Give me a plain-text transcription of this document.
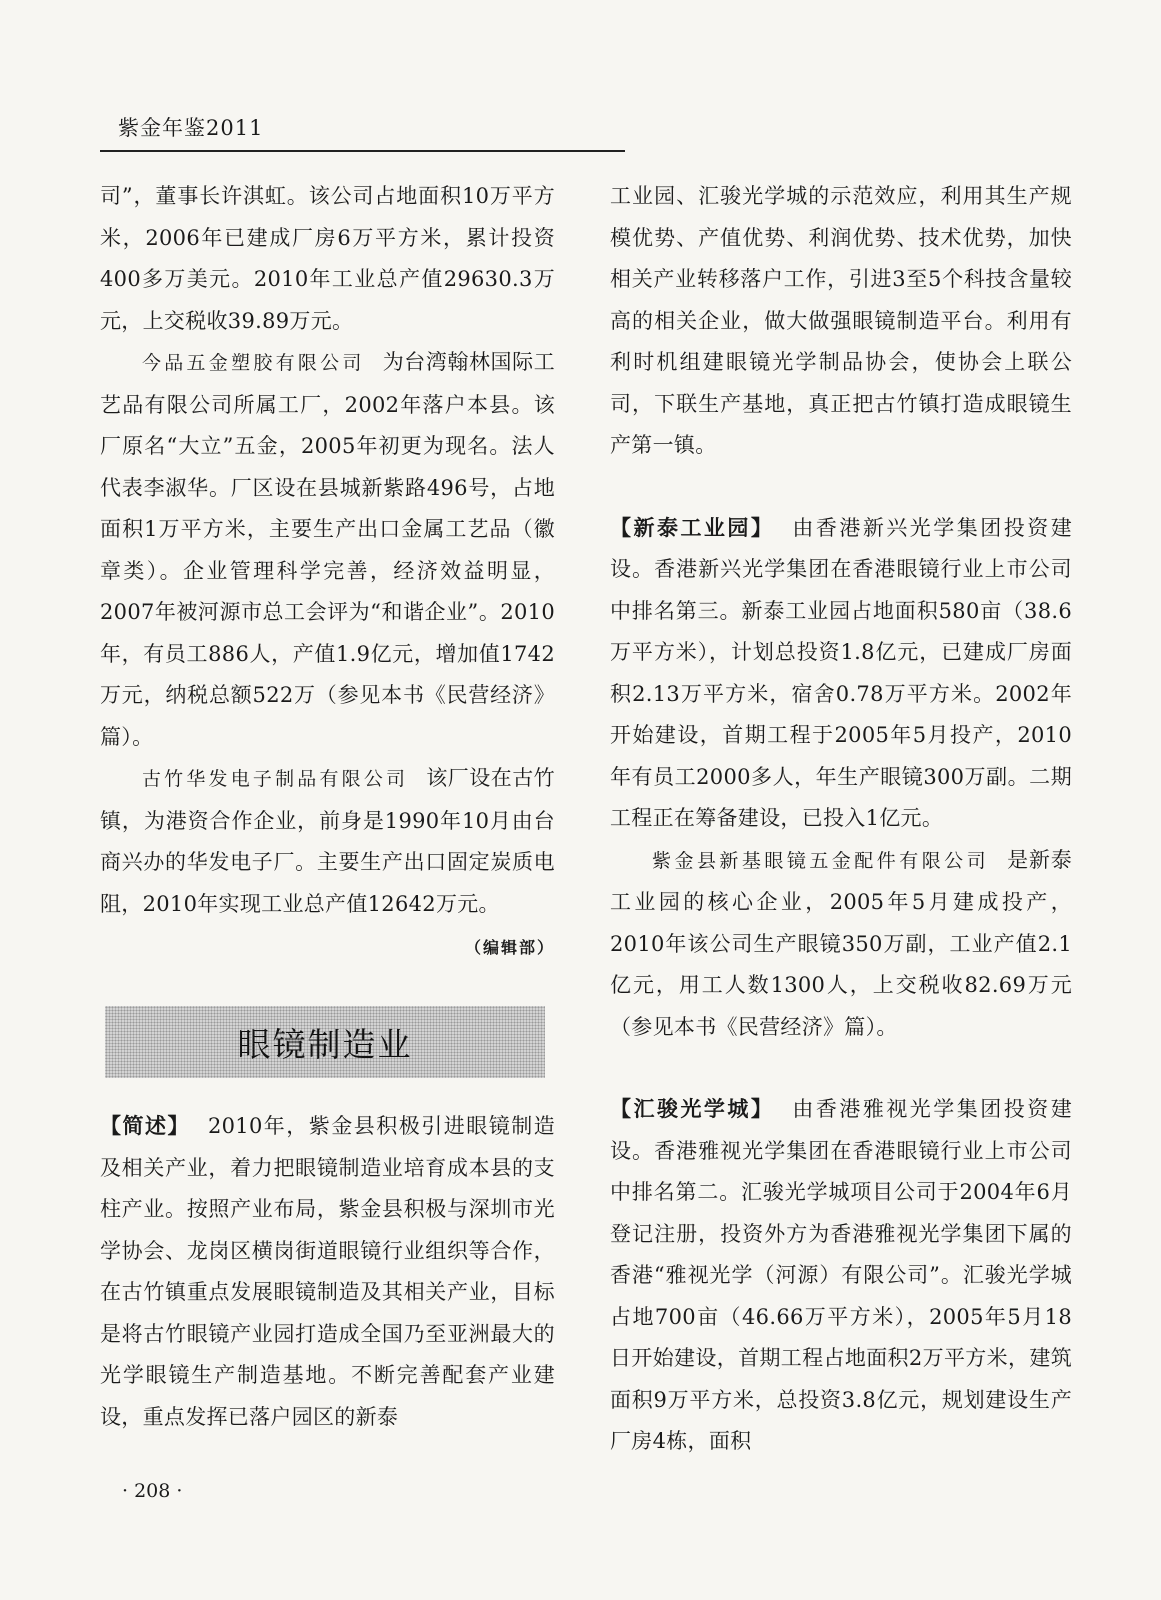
紫金年鉴2011

司”，董事长许淇虹。该公司占地面积10万平方米，2006年已建成厂房6万平方米，累计投资400多万美元。2010年工业总产值29630.3万元，上交税收39.89万元。

今品五金塑胶有限公司 为台湾翰林国际工艺品有限公司所属工厂，2002年落户本县。该厂原名“大立”五金，2005年初更为现名。法人代表李淑华。厂区设在县城新紫路496号，占地面积1万平方米，主要生产出口金属工艺品（徽章类）。企业管理科学完善，经济效益明显，2007年被河源市总工会评为“和谐企业”。2010年，有员工886人，产值1.9亿元，增加值1742万元，纳税总额522万（参见本书《民营经济》篇）。

古竹华发电子制品有限公司 该厂设在古竹镇，为港资合作企业，前身是1990年10月由台商兴办的华发电子厂。主要生产出口固定炭质电阻，2010年实现工业总产值12642万元。

（编辑部）
眼镜制造业

【简述】 2010年，紫金县积极引进眼镜制造及相关产业，着力把眼镜制造业培育成本县的支柱产业。按照产业布局，紫金县积极与深圳市光学协会、龙岗区横岗街道眼镜行业组织等合作，在古竹镇重点发展眼镜制造及其相关产业，目标是将古竹眼镜产业园打造成全国乃至亚洲最大的光学眼镜生产制造基地。不断完善配套产业建设，重点发挥已落户园区的新泰

工业园、汇骏光学城的示范效应，利用其生产规模优势、产值优势、利润优势、技术优势，加快相关产业转移落户工作，引进3至5个科技含量较高的相关企业，做大做强眼镜制造平台。利用有利时机组建眼镜光学制品协会，使协会上联公司，下联生产基地，真正把古竹镇打造成眼镜生产第一镇。

【新泰工业园】 由香港新兴光学集团投资建设。香港新兴光学集团在香港眼镜行业上市公司中排名第三。新泰工业园占地面积580亩（38.6万平方米），计划总投资1.8亿元，已建成厂房面积2.13万平方米，宿舍0.78万平方米。2002年开始建设，首期工程于2005年5月投产，2010年有员工2000多人，年生产眼镜300万副。二期工程正在筹备建设，已投入1亿元。

紫金县新基眼镜五金配件有限公司 是新泰工业园的核心企业，2005年5月建成投产，2010年该公司生产眼镜350万副，工业产值2.1亿元，用工人数1300人，上交税收82.69万元（参见本书《民营经济》篇）。

【汇骏光学城】 由香港雅视光学集团投资建设。香港雅视光学集团在香港眼镜行业上市公司中排名第二。汇骏光学城项目公司于2004年6月登记注册，投资外方为香港雅视光学集团下属的香港“雅视光学（河源）有限公司”。汇骏光学城占地700亩（46.66万平方米），2005年5月18日开始建设，首期工程占地面积2万平方米，建筑面积9万平方米，总投资3.8亿元，规划建设生产厂房4栋，面积

· 208 ·
